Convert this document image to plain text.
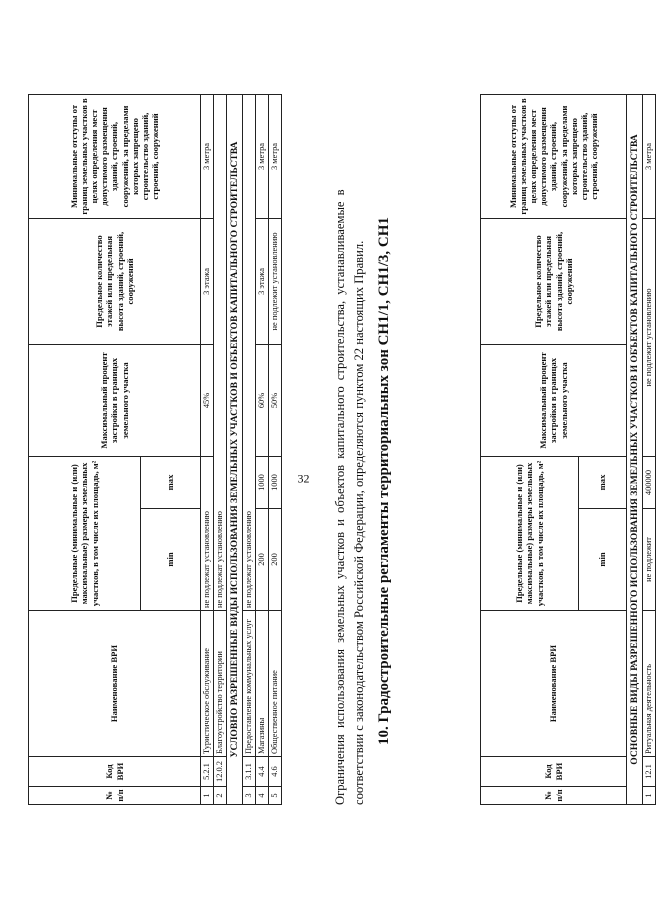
32
№ п/п	Код ВРИ	Наименование ВРИ	Предельные (минимальные и (или) максимальные) размеры земельных участков, в том числе их площадь, м²		Максимальный процент застройки в границах земельного участка	Предельное количество этажей или предельная высота зданий, строений, сооружений	Минимальные отступы от границ земельных участков в целях определения мест допустимого размещения зданий, строений, сооружений, за пределами которых запрещено строительство зданий, строений, сооружений
			min	max			
1	5.2.1	Туристическое обслуживание	не подлежат установлению		45%	3 этажа	3 метра
2	12.0.2	Благоустройство территории	не подлежат установлению				
УСЛОВНО РАЗРЕШЕННЫЕ ВИДЫ ИСПОЛЬЗОВАНИЯ ЗЕМЕЛЬНЫХ УЧАСТКОВ И ОБЪЕКТОВ КАПИТАЛЬНОГО СТРОИТЕЛЬСТВА							
3	3.1.1	Предоставление коммунальных услуг	не подлежат установлению				
4	4.4	Магазины	200	1000	60%	3 этажа	3 метра
5	4.6	Общественное питание	200	1000	50%	не подлежит установлению	3 метра
Ограничения использования земельных участков и объектов капитального строительства, устанавливаемые в соответствии с законодательством Российской Федерации, определяются пунктом 22 настоящих Правил. 10. Градостроительные регламенты территориальных зон СН1/1, СН1/3, СН1
№ п/п	Код ВРИ	Наименование ВРИ	Предельные (минимальные и (или) максимальные) размеры земельных участков, в том числе их площадь, м²		Максимальный процент застройки в границах земельного участка	Предельное количество этажей или предельная высота зданий, строений, сооружений	Минимальные отступы от границ земельных участков в целях определения мест допустимого размещения зданий, строений, сооружений, за пределами которых запрещено строительство зданий, строений, сооружений
			min	max			
ОСНОВНЫЕ ВИДЫ РАЗРЕШЕННОГО ИСПОЛЬЗОВАНИЯ ЗЕМЕЛЬНЫХ УЧАСТКОВ И ОБЪЕКТОВ КАПИТАЛЬНОГО СТРОИТЕЛЬСТВА							
1	12.1	Ритуальная деятельность	не подлежит	400000	не подлежит установлению		3 метра
